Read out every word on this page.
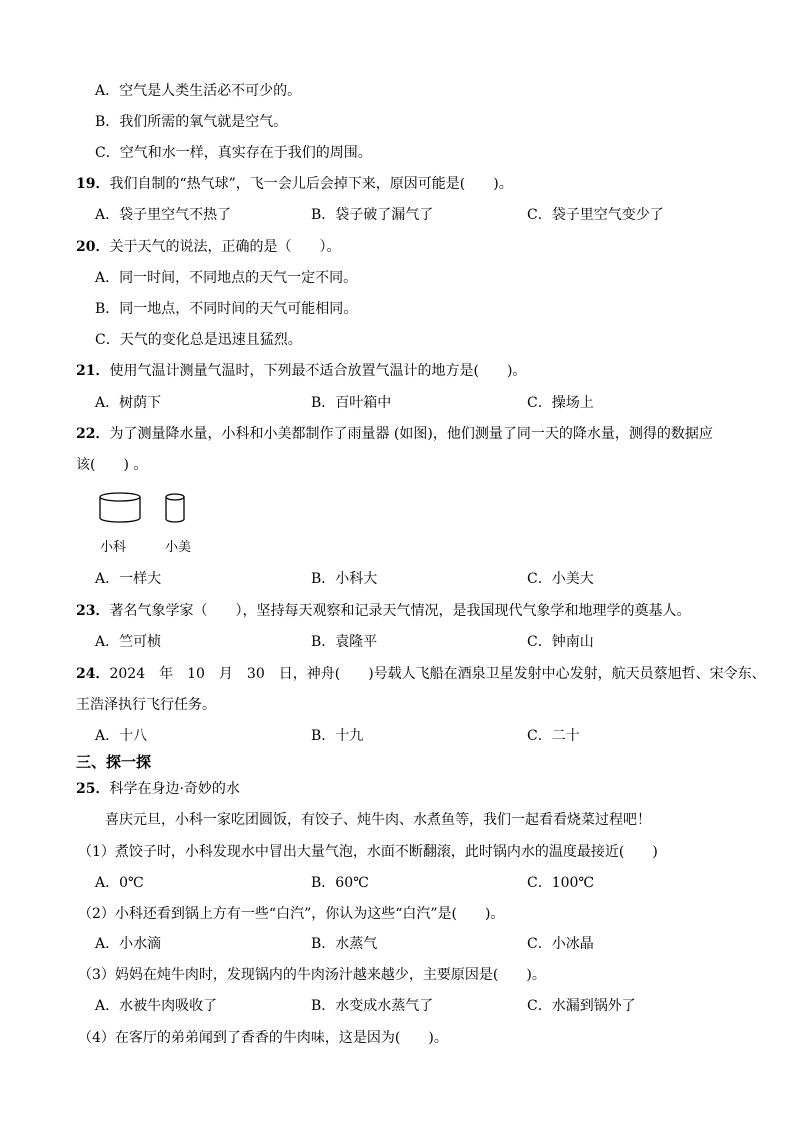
A．空气是人类生活必不可少的。
B．我们所需的氧气就是空气。
C．空气和水一样，真实存在于我们的周围。
19．我们自制的“热气球”，飞一会儿后会掉下来，原因可能是(　　)。
A．袋子里空气不热了	B．袋子破了漏气了	C．袋子里空气变少了
20．关于天气的说法，正确的是（　　）。
A．同一时间，不同地点的天气一定不同。
B．同一地点，不同时间的天气可能相同。
C．天气的变化总是迅速且猛烈。
21．使用气温计测量气温时，下列最不适合放置气温计的地方是(　　)。
A．树荫下	B．百叶箱中	C．操场上
22．为了测量降水量，小科和小美都制作了雨量器 (如图)，他们测量了同一天的降水量，测得的数据应
该(　　) 。
小科	小美
A．一样大	B．小科大	C．小美大
23．著名气象学家（　　），坚持每天观察和记录天气情况，是我国现代气象学和地理学的奠基人。
A．竺可桢	B．袁隆平	C．钟南山
24．2024　年　10　月　30　日，神舟(　　)号载人飞船在酒泉卫星发射中心发射，航天员蔡旭哲、宋令东、
王浩泽执行飞行任务。
A．十八	B．十九	C．二十
三、探一探
25．科学在身边·奇妙的水
喜庆元旦，小科一家吃团圆饭，有饺子、炖牛肉、水煮鱼等，我们一起看看烧菜过程吧！
（1）煮饺子时，小科发现水中冒出大量气泡，水面不断翻滚，此时锅内水的温度最接近(　　)
A．0℃	B．60℃	C．100℃
（2）小科还看到锅上方有一些“白汽”，你认为这些“白汽”是(　　)。
A．小水滴	B．水蒸气	C．小冰晶
（3）妈妈在炖牛肉时，发现锅内的牛肉汤汁越来越少，主要原因是(　　)。
A．水被牛肉吸收了	B．水变成水蒸气了	C．水漏到锅外了
（4）在客厅的弟弟闻到了香香的牛肉味，这是因为(　　)。
